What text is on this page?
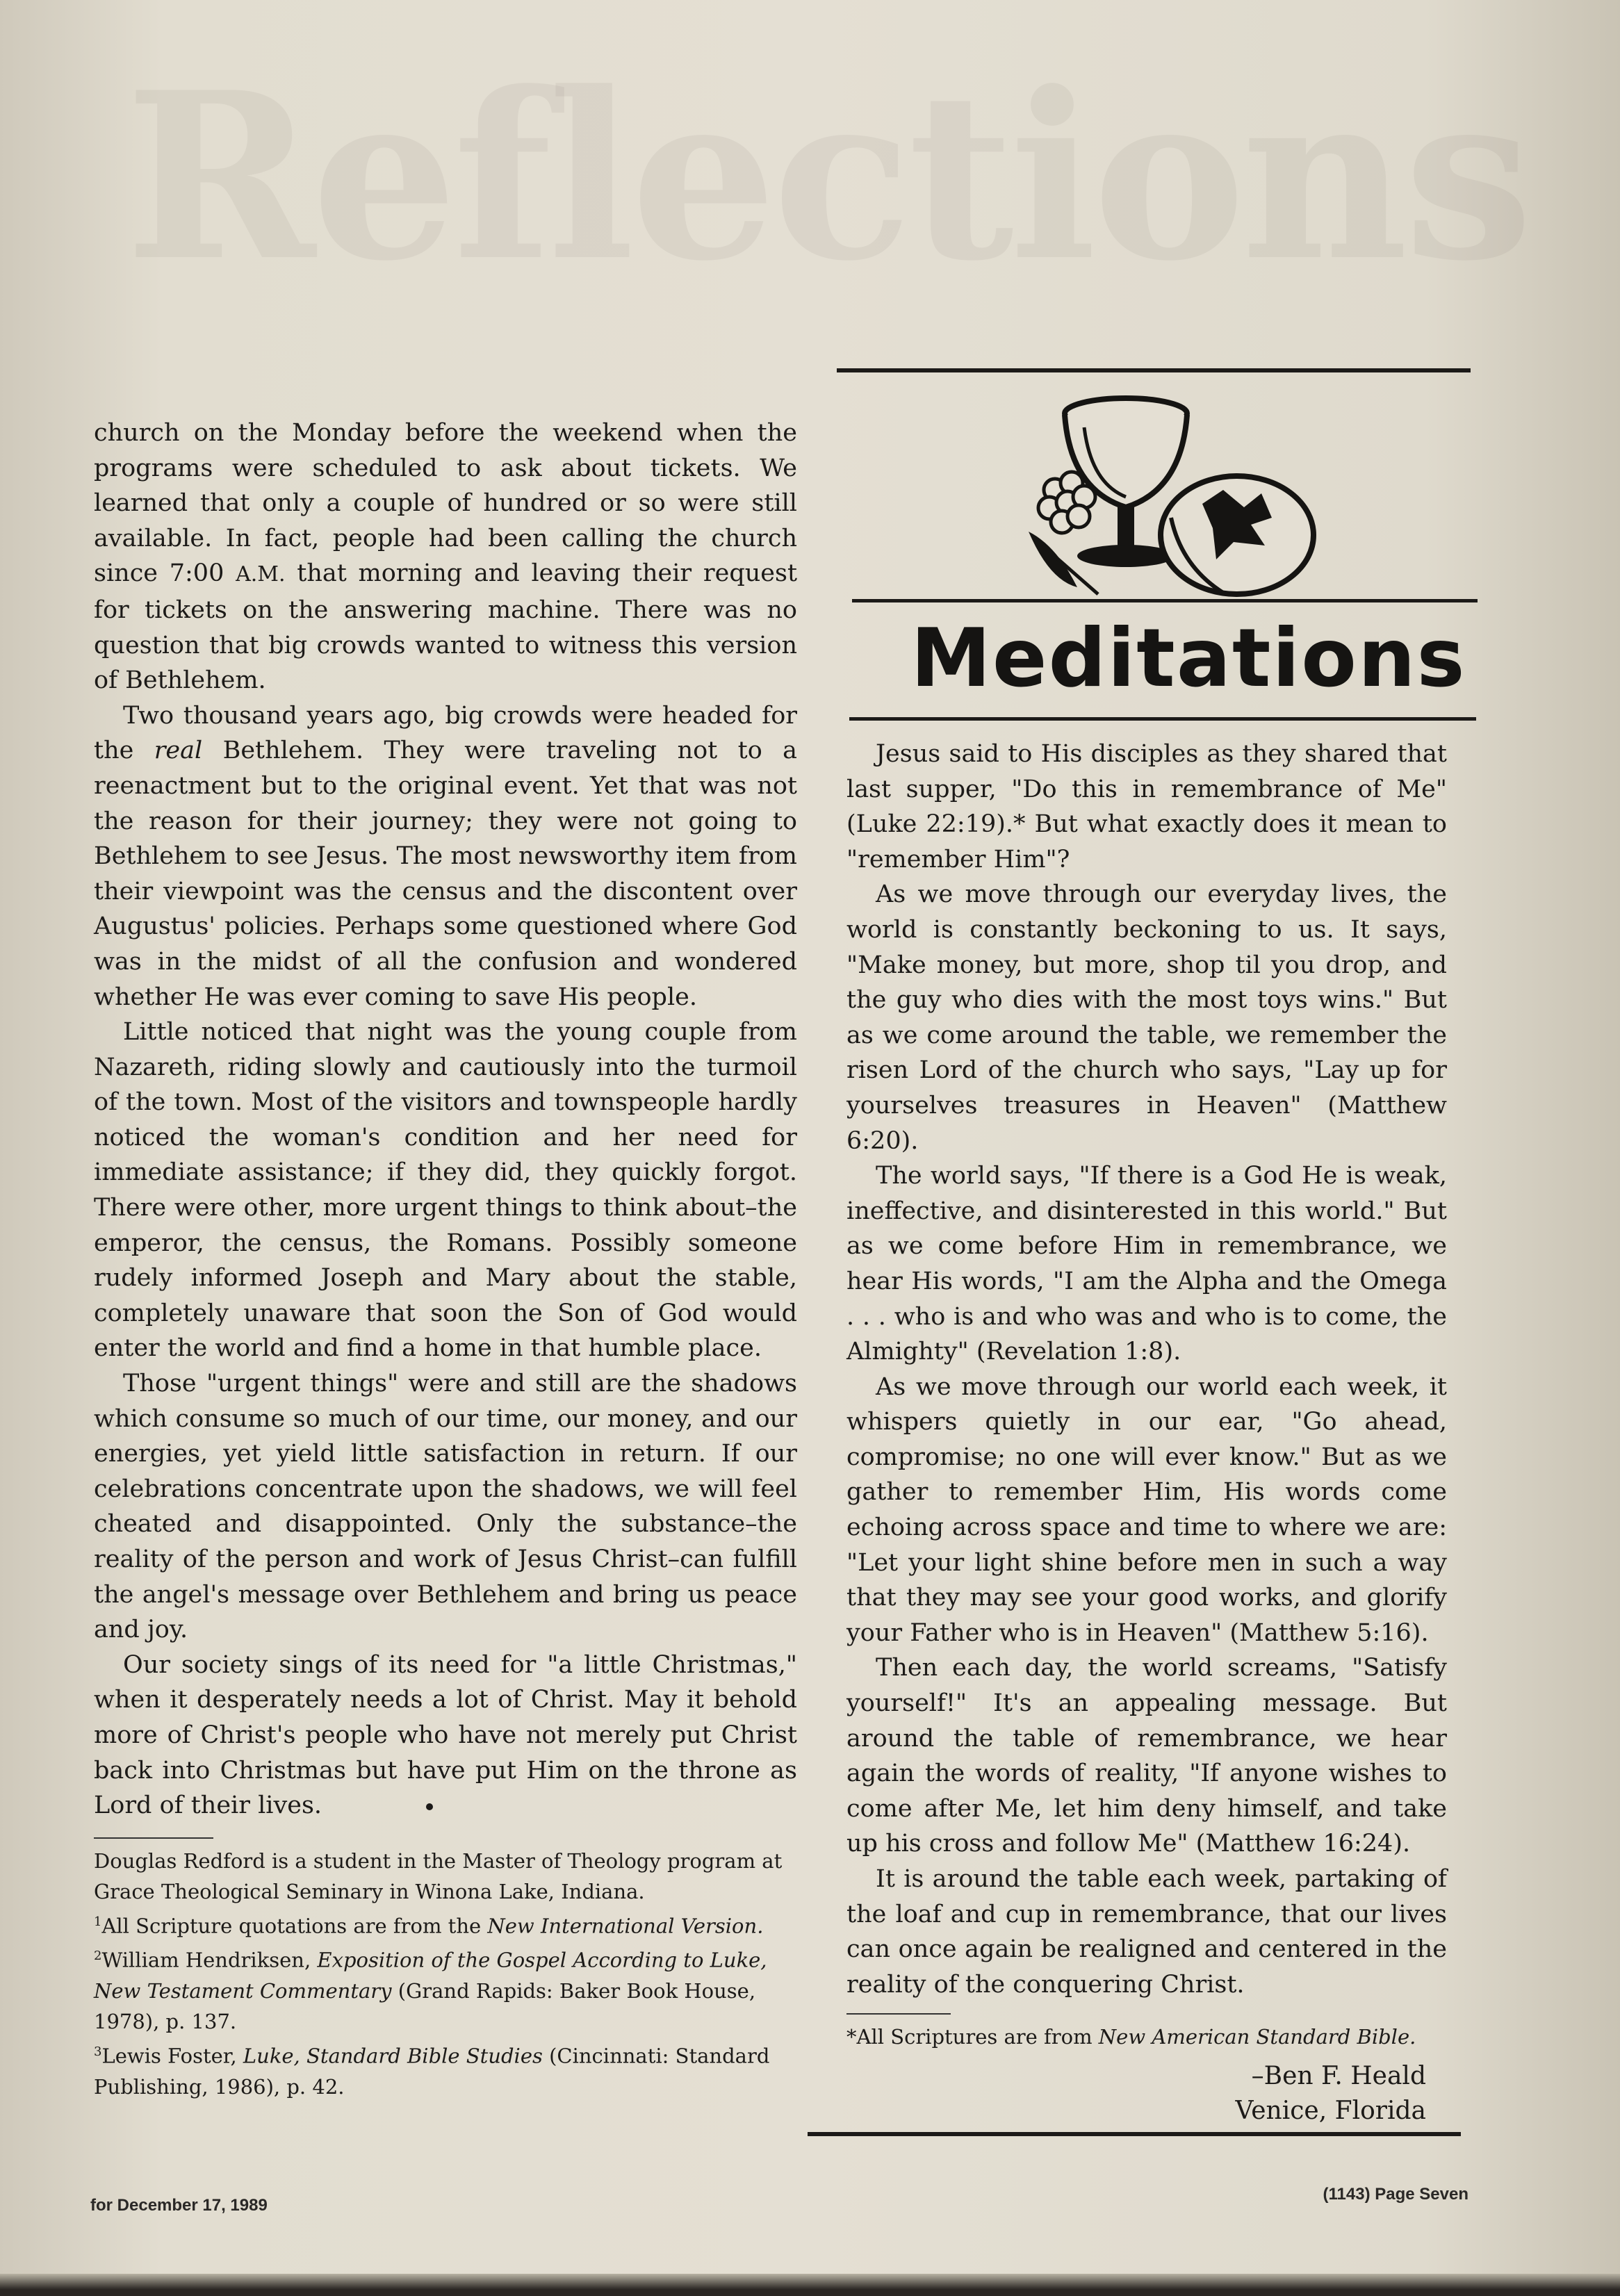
Reflections

church on the Monday before the weekend when the programs were scheduled to ask about tickets. We learned that only a couple of hundred or so were still available. In fact, people had been calling the church since 7:00 A.M. that morning and leaving their request for tickets on the answering machine. There was no question that big crowds wanted to witness this version of Bethlehem.

Two thousand years ago, big crowds were headed for the real Bethlehem. They were traveling not to a reenactment but to the original event. Yet that was not the reason for their journey; they were not going to Bethlehem to see Jesus. The most newsworthy item from their viewpoint was the census and the discontent over Augustus' policies. Perhaps some questioned where God was in the midst of all the confusion and wondered whether He was ever coming to save His people.

Little noticed that night was the young couple from Nazareth, riding slowly and cautiously into the turmoil of the town. Most of the visitors and townspeople hardly noticed the woman's condition and her need for immediate assistance; if they did, they quickly forgot. There were other, more urgent things to think about–the emperor, the census, the Romans. Possibly someone rudely informed Joseph and Mary about the stable, completely unaware that soon the Son of God would enter the world and find a home in that humble place.

Those "urgent things" were and still are the shadows which consume so much of our time, our money, and our energies, yet yield little satisfaction in return. If our celebrations concentrate upon the shadows, we will feel cheated and disappointed. Only the substance–the reality of the person and work of Jesus Christ–can fulfill the angel's message over Bethlehem and bring us peace and joy.

Our society sings of its need for "a little Christmas," when it desperately needs a lot of Christ. May it behold more of Christ's people who have not merely put Christ back into Christmas but have put Him on the throne as Lord of their lives.

Douglas Redford is a student in the Master of Theology program at Grace Theological Seminary in Winona Lake, Indiana.

$^1$All Scripture quotations are from the New International Version.

$^2$William Hendriksen, Exposition of the Gospel According to Luke, New Testament Commentary (Grand Rapids: Baker Book House, 1978), p. 137.

$^3$Lewis Foster, Luke, Standard Bible Studies (Cincinnati: Standard Publishing, 1986), p. 42.

Meditations

Jesus said to His disciples as they shared that last supper, "Do this in remembrance of Me" (Luke 22:19).* But what exactly does it mean to "remember Him"?

As we move through our everyday lives, the world is constantly beckoning to us. It says, "Make money, but more, shop til you drop, and the guy who dies with the most toys wins." But as we come around the table, we remember the risen Lord of the church who says, "Lay up for yourselves treasures in Heaven" (Matthew 6:20).

The world says, "If there is a God He is weak, ineffective, and disinterested in this world." But as we come before Him in remembrance, we hear His words, "I am the Alpha and the Omega . . . who is and who was and who is to come, the Almighty" (Revelation 1:8).

As we move through our world each week, it whispers quietly in our ear, "Go ahead, compromise; no one will ever know." But as we gather to remember Him, His words come echoing across space and time to where we are: "Let your light shine before men in such a way that they may see your good works, and glorify your Father who is in Heaven" (Matthew 5:16).

Then each day, the world screams, "Satisfy yourself!" It's an appealing message. But around the table of remembrance, we hear again the words of reality, "If anyone wishes to come after Me, let him deny himself, and take up his cross and follow Me" (Matthew 16:24).

It is around the table each week, partaking of the loaf and cup in remembrance, that our lives can once again be realigned and centered in the reality of the conquering Christ.

*All Scriptures are from New American Standard Bible.

–Ben F. Heald
Venice, Florida
for December 17, 1989
(1143) Page Seven
